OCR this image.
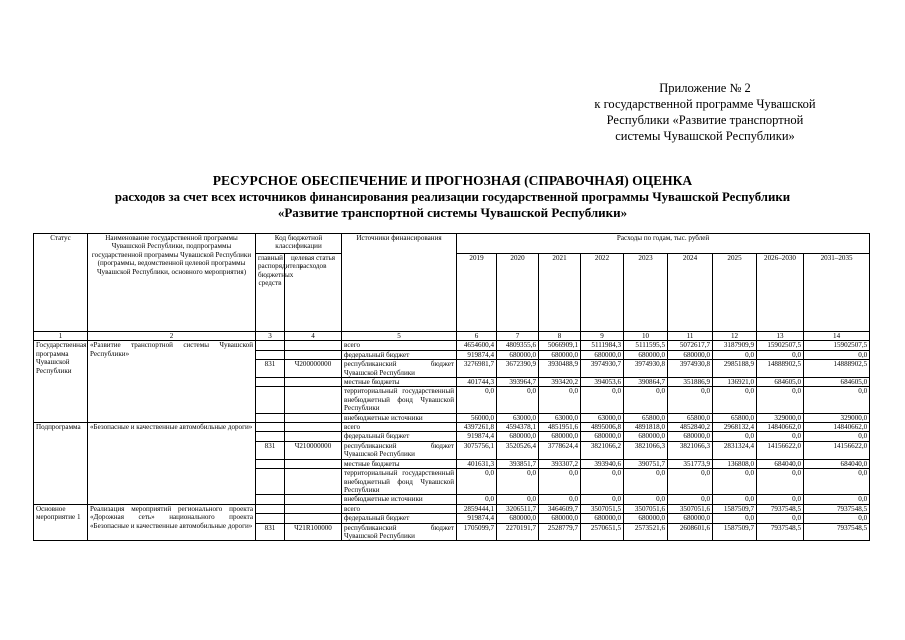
Приложение № 2
к государственной программе Чувашской
Республики «Развитие транспортной
системы Чувашской Республики»
РЕСУРСНОЕ ОБЕСПЕЧЕНИЕ И ПРОГНОЗНАЯ (СПРАВОЧНАЯ) ОЦЕНКА
расходов за счет всех источников финансирования реализации государственной программы Чувашской Республики
«Развитие транспортной системы Чувашской Республики»
Статус	Наименование государственной программы Чувашской Республики, подпрограммы государственной программы Чувашской Республики (программы, ведомственной целевой программы Чувашской Республики, основного мероприятия)	Код бюджетной классификации		Источники финансирования	Расходы по годам, тыс. рублей								
		главный распорядитель бюджетных средств	целевая статья расходов		2019	2020	2021	2022	2023	2024	2025	2026–2030	2031–2035
1	2	3	4	5	6	7	8	9	10	11	12	13	14
Государственная программа Чувашской Республики	«Развитие транспортной системы Чувашской Республики»			всего	4654600,4	4809355,6	5066909,1	5111984,3	5111595,5	5072617,7	3187909,9	15902507,5	15902507,5
				федеральный бюджет	919874,4	680000,0	680000,0	680000,0	680000,0	680000,0	0,0	0,0	0,0
		831	Ч200000000	республиканский бюджет Чувашской Республики	3276981,7	3672390,9	3930488,9	3974930,7	3974930,8	3974930,8	2985188,9	14888902,5	14888902,5
				местные бюджеты	401744,3	393964,7	393420,2	394053,6	390864,7	351886,9	136921,0	684605,0	684605,0
				территориальный государственный внебюджетный фонд Чувашской Республики	0,0	0,0	0,0	0,0	0,0	0,0	0,0	0,0	0,0
				внебюджетные источники	56000,0	63000,0	63000,0	63000,0	65800,0	65800,0	65800,0	329000,0	329000,0
Подпрограмма	«Безопасные и качественные автомобильные дороги»			всего	4397261,8	4594378,1	4851951,6	4895006,8	4891818,0	4852840,2	2968132,4	14840662,0	14840662,0
				федеральный бюджет	919874,4	680000,0	680000,0	680000,0	680000,0	680000,0	0,0	0,0	0,0
		831	Ч210000000	республиканский бюджет Чувашской Республики	3075756,1	3520526,4	3778624,4	3821066,2	3821066,3	3821066,3	2831324,4	14156622,0	14156622,0
				местные бюджеты	401631,3	393851,7	393307,2	393940,6	390751,7	351773,9	136808,0	684040,0	684040,0
				территориальный государственный внебюджетный фонд Чувашской Республики	0,0	0,0	0,0	0,0	0,0	0,0	0,0	0,0	0,0
				внебюджетные источники	0,0	0,0	0,0	0,0	0,0	0,0	0,0	0,0	0,0
Основное мероприятие 1	Реализация мероприятий регионального проекта «Дорожная сеть» национального проекта «Безопасные и качественные автомобильные дороги»			всего	2859444,1	3206511,7	3464609,7	3507051,5	3507051,6	3507051,6	1587509,7	7937548,5	7937548,5
				федеральный бюджет	919874,4	680000,0	680000,0	680000,0	680000,0	680000,0	0,0	0,0	0,0
		831	Ч21R100000	республиканский бюджет Чувашской Республики	1705099,7	2270191,7	2528779,7	2570651,5	2573521,6	2608601,6	1587509,7	7937548,5	7937548,5
